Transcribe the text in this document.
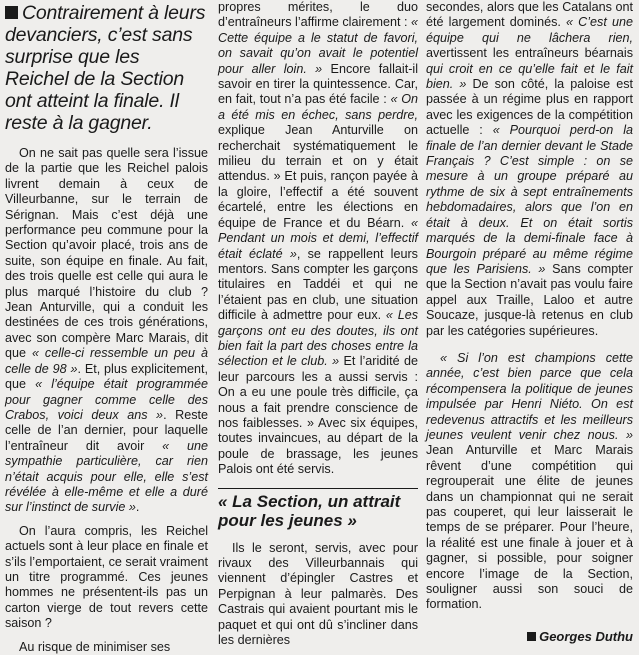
Contrairement à leurs devanciers, c’est sans surprise que les Reichel de la Section ont atteint la finale. Il reste à la gagner.

On ne sait pas quelle sera l’issue de la partie que les Reichel palois livrent demain à ceux de Villeurbanne, sur le terrain de Sérignan. Mais c’est déjà une performance peu commune pour la Section qu’avoir placé, trois ans de suite, son équipe en finale. Au fait, des trois quelle est celle qui aura le plus marqué l’histoire du club ? Jean Anturville, qui a conduit les destinées de ces trois générations, avec son compère Marc Marais, dit que « celle-ci ressemble un peu à celle de 98 ». Et, plus explicitement, que « l’équipe était programmée pour gagner comme celle des Crabos, voici deux ans ». Reste celle de l’an dernier, pour laquelle l’entraîneur dit avoir « une sympathie particulière, car rien n’était acquis pour elle, elle s’est révélée à elle-même et elle a duré sur l’instinct de survie ».

On l’aura compris, les Reichel actuels sont à leur place en finale et s’ils l’emportaient, ce serait vraiment un titre programmé. Ces jeunes hommes ne présentent-ils pas un carton vierge de tout revers cette saison ?

Au risque de minimiser ses

propres mérites, le duo d’entraîneurs l’affirme clairement : « Cette équipe a le statut de favori, on savait qu’on avait le potentiel pour aller loin. » Encore fallait-il savoir en tirer la quintessence. Car, en fait, tout n’a pas été facile : « On a été mis en échec, sans perdre, explique Jean Anturville on recherchait systématiquement le milieu du terrain et on y était attendus. » Et puis, rançon payée à la gloire, l’effectif a été souvent écartelé, entre les élections en équipe de France et du Béarn. « Pendant un mois et demi, l’effectif était éclaté », se rappellent leurs mentors. Sans compter les garçons titulaires en Taddéi et qui ne l’étaient pas en club, une situation difficile à admettre pour eux. « Les garçons ont eu des doutes, ils ont bien fait la part des choses entre la sélection et le club. » Et l’aridité de leur parcours les a aussi servis : On a eu une poule très difficile, ça nous a fait prendre conscience de nos faiblesses. » Avec six équipes, toutes invaincues, au départ de la poule de brassage, les jeunes Palois ont été servis.

« La Section, un attrait pour les jeunes »

Ils le seront, servis, avec pour rivaux des Villeurbannais qui viennent d’épingler Castres et Perpignan à leur palmarès. Des Castrais qui avaient pourtant mis le paquet et qui ont dû s’incliner dans les dernières

secondes, alors que les Catalans ont été largement dominés. « C’est une équipe qui ne lâchera rien, avertissent les entraîneurs béarnais qui croit en ce qu’elle fait et le fait bien. » De son côté, la paloise est passée à un régime plus en rapport avec les exigences de la compétition actuelle : « Pourquoi perd-on la finale de l’an dernier devant le Stade Français ? C’est simple : on se mesure à un groupe préparé au rythme de six à sept entraînements hebdomadaires, alors que l’on en était à deux. Et on était sortis marqués de la demi-finale face à Bourgoin préparé au même régime que les Parisiens. » Sans compter que la Section n’avait pas voulu faire appel aux Traille, Laloo et autre Soucaze, jusque-là retenus en club par les catégories supérieures.

« Si l’on est champions cette année, c’est bien parce que cela récompensera la politique de jeunes impulsée par Henri Niéto. On est redevenus attractifs et les meilleurs jeunes veulent venir chez nous. » Jean Anturville et Marc Marais rêvent d’une compétition qui regrouperait une élite de jeunes dans un championnat qui ne serait pas couperet, qui leur laisserait le temps de se préparer. Pour l’heure, la réalité est une finale à jouer et à gagner, si possible, pour soigner encore l’image de la Section, souligner aussi son souci de formation.

Georges Duthu
